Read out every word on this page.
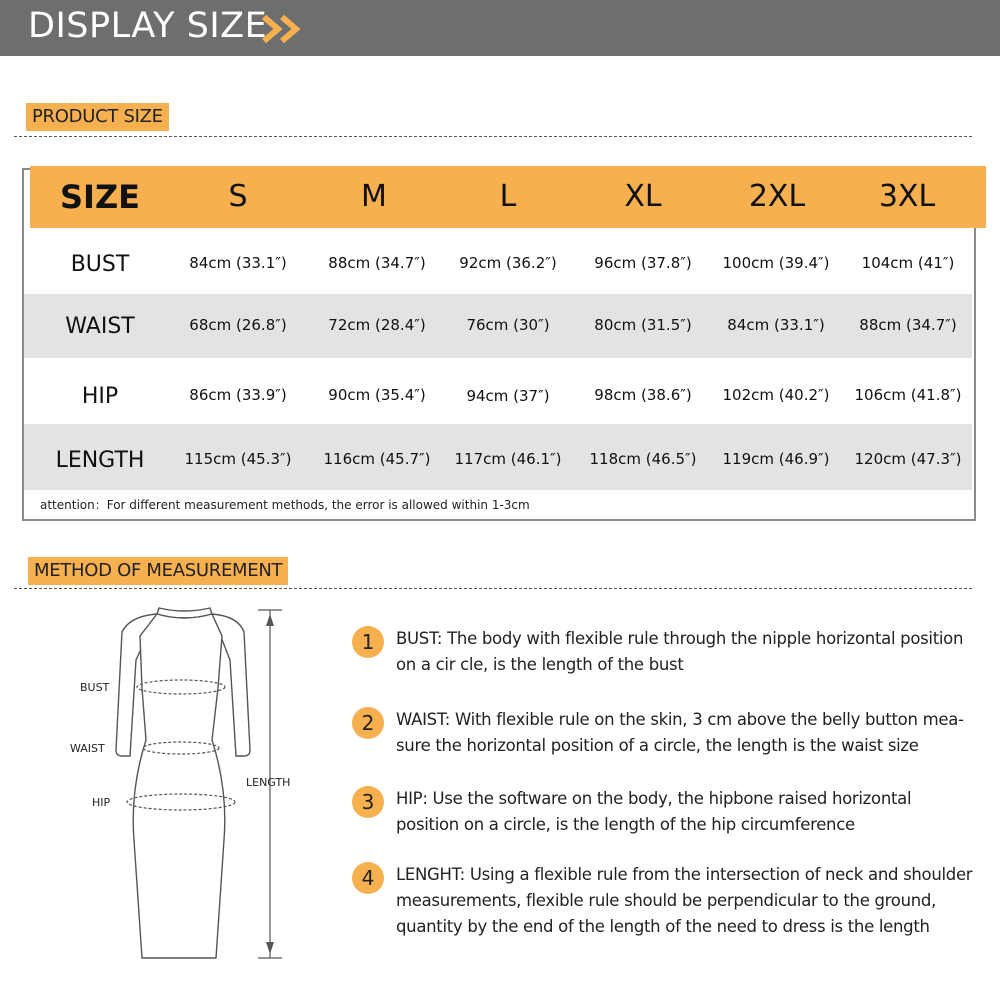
DISPLAY SIZE
PRODUCT SIZE
SIZE	S	M	L	XL	2XL	3XL
BUST	84cm (33.1″)	88cm (34.7″)	92cm (36.2″)	96cm (37.8″)	100cm (39.4″)	104cm (41″)
WAIST	68cm (26.8″)	72cm (28.4″)	76cm (30″)	80cm (31.5″)	84cm (33.1″)	88cm (34.7″)
HIP	86cm (33.9″)	90cm (35.4″)	94cm (37″)	98cm (38.6″)	102cm (40.2″)	106cm (41.8″)
LENGTH	115cm (45.3″)	116cm (45.7″)	117cm (46.1″)	118cm (46.5″)	119cm (46.9″)	120cm (47.3″)
attention：For different measurement methods, the error is allowed within 1-3cm
METHOD OF MEASUREMENT
BUST
WAIST
HIP
LENGTH
1	BUST: The body with flexible rule through the nipple horizontal position on a cir cle, is the length of the bust
2	WAIST: With flexible rule on the skin, 3 cm above the belly button mea-sure the horizontal position of a circle, the length is the waist size
3	HIP: Use the software on the body, the hipbone raised horizontal position on a circle, is the length of the hip circumference
4	LENGHT: Using a flexible rule from the intersection of neck and shoulder measurements, flexible rule should be perpendicular to the ground, quantity by the end of the length of the need to dress is the length
